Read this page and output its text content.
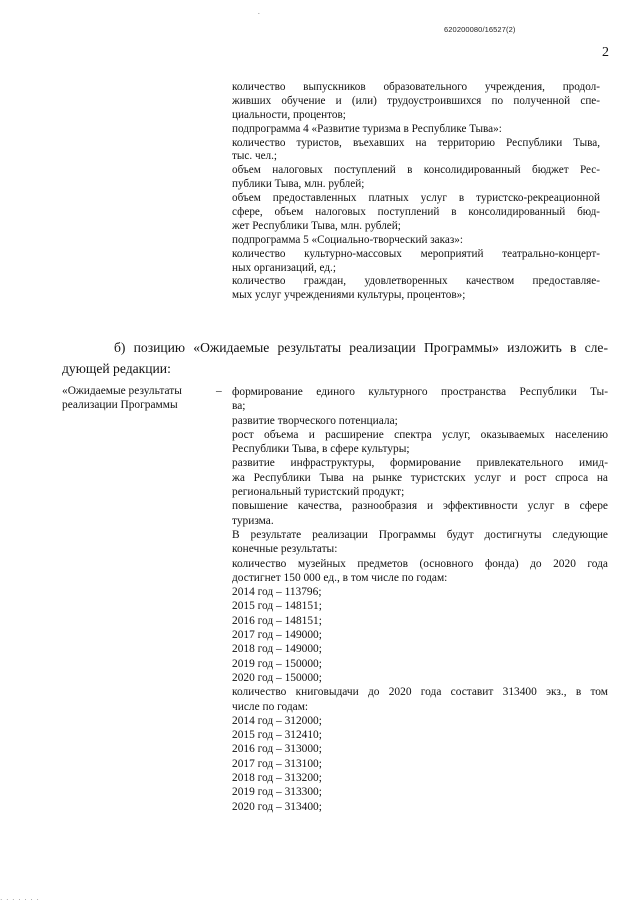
.
620200080/16527(2)
2
количество выпускников образовательного учреждения, продол-
живших обучение и (или) трудоустроившихся по полученной спе-
циальности, процентов;
подпрограмма 4 «Развитие туризма в Республике Тыва»:
количество туристов, въехавших на территорию Республики Тыва,
тыс. чел.;
объем налоговых поступлений в консолидированный бюджет Рес-
публики Тыва, млн. рублей;
объем предоставленных платных услуг в туристско-рекреационной
сфере, объем налоговых поступлений в консолидированный бюд-
жет Республики Тыва, млн. рублей;
подпрограмма 5 «Социально-творческий заказ»:
количество культурно-массовых мероприятий театрально-концерт-
ных организаций, ед.;
количество граждан, удовлетворенных качеством предоставляе-
мых услуг учреждениями культуры, процентов»;
б) позицию «Ожидаемые результаты реализации Программы» изложить в сле-
дующей редакции:
«Ожидаемые результаты
реализации Программы
– формирование единого культурного пространства Республики Ты-
ва;
развитие творческого потенциала;
рост объема и расширение спектра услуг, оказываемых населению
Республики Тыва, в сфере культуры;
развитие инфраструктуры, формирование привлекательного имид-
жа Республики Тыва на рынке туристских услуг и рост спроса на
региональный туристский продукт;
повышение качества, разнообразия и эффективности услуг в сфере
туризма.
В результате реализации Программы будут достигнуты следующие
конечные результаты:
количество музейных предметов (основного фонда) до 2020 года
достигнет 150 000 ед., в том числе по годам:
2014 год – 113796;
2015 год – 148151;
2016 год – 148151;
2017 год – 149000;
2018 год – 149000;
2019 год – 150000;
2020 год – 150000;
количество книговыдачи до 2020 года составит 313400 экз., в том
числе по годам:
2014 год – 312000;
2015 год – 312410;
2016 год – 313000;
2017 год – 313100;
2018 год – 313200;
2019 год – 313300;
2020 год – 313400;
· · · · · · ·
